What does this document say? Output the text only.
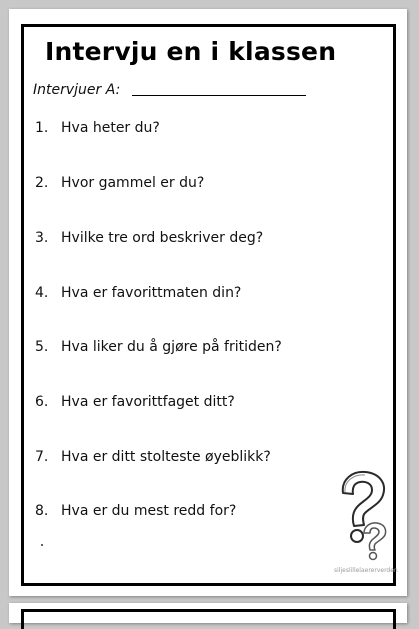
Intervju en i klassen
Intervjuer A:
1. Hva heter du?
2. Hvor gammel er du?
3. Hvilke tre ord beskriver deg?
4. Hva er favorittmaten din?
5. Hva liker du å gjøre på fritiden?
6. Hva er favorittfaget ditt?
7. Hva er ditt stolteste øyeblikk?
8. Hva er du mest redd for?
siljeslillelaererverden
